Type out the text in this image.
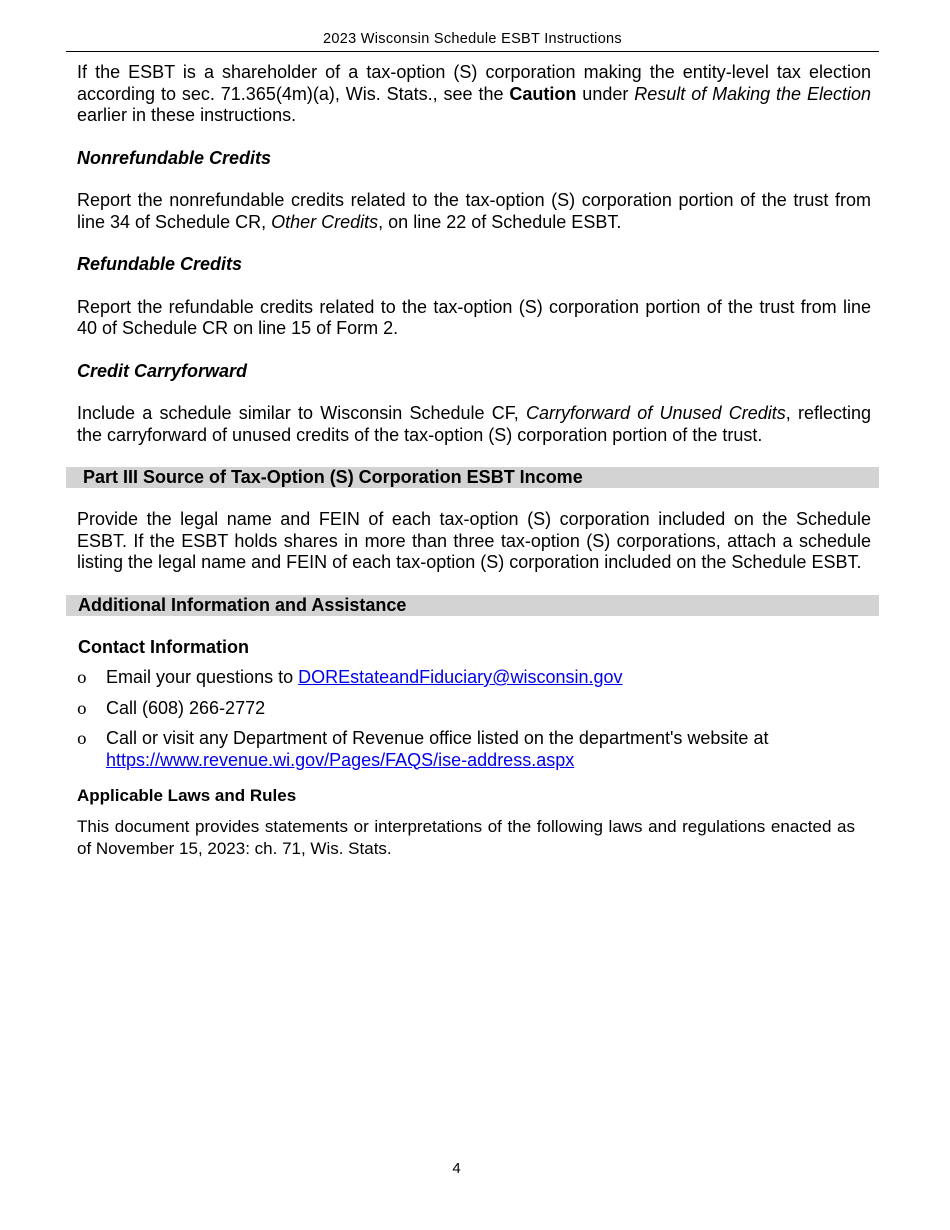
2023 Wisconsin Schedule ESBT Instructions

If the ESBT is a shareholder of a tax-option (S) corporation making the entity-level tax election according to sec. 71.365(4m)(a), Wis. Stats., see the Caution under Result of Making the Election earlier in these instructions.

Nonrefundable Credits

Report the nonrefundable credits related to the tax-option (S) corporation portion of the trust from line 34 of Schedule CR, Other Credits, on line 22 of Schedule ESBT.

Refundable Credits

Report the refundable credits related to the tax-option (S) corporation portion of the trust from line 40 of Schedule CR on line 15 of Form 2.

Credit Carryforward

Include a schedule similar to Wisconsin Schedule CF, Carryforward of Unused Credits, reflecting the carryforward of unused credits of the tax-option (S) corporation portion of the trust.

Part III Source of Tax-Option (S) Corporation ESBT Income

Provide the legal name and FEIN of each tax-option (S) corporation included on the Schedule ESBT. If the ESBT holds shares in more than three tax-option (S) corporations, attach a schedule listing the legal name and FEIN of each tax-option (S) corporation included on the Schedule ESBT.

Additional Information and Assistance
Contact Information
ο Email your questions to DOREstateandFiduciary@wisconsin.gov
ο Call (608) 266-2772
ο Call or visit any Department of Revenue office listed on the department's website at https://www.revenue.wi.gov/Pages/FAQS/ise-address.aspx
Applicable Laws and Rules

This document provides statements or interpretations of the following laws and regulations enacted as of November 15, 2023: ch. 71, Wis. Stats.

4
